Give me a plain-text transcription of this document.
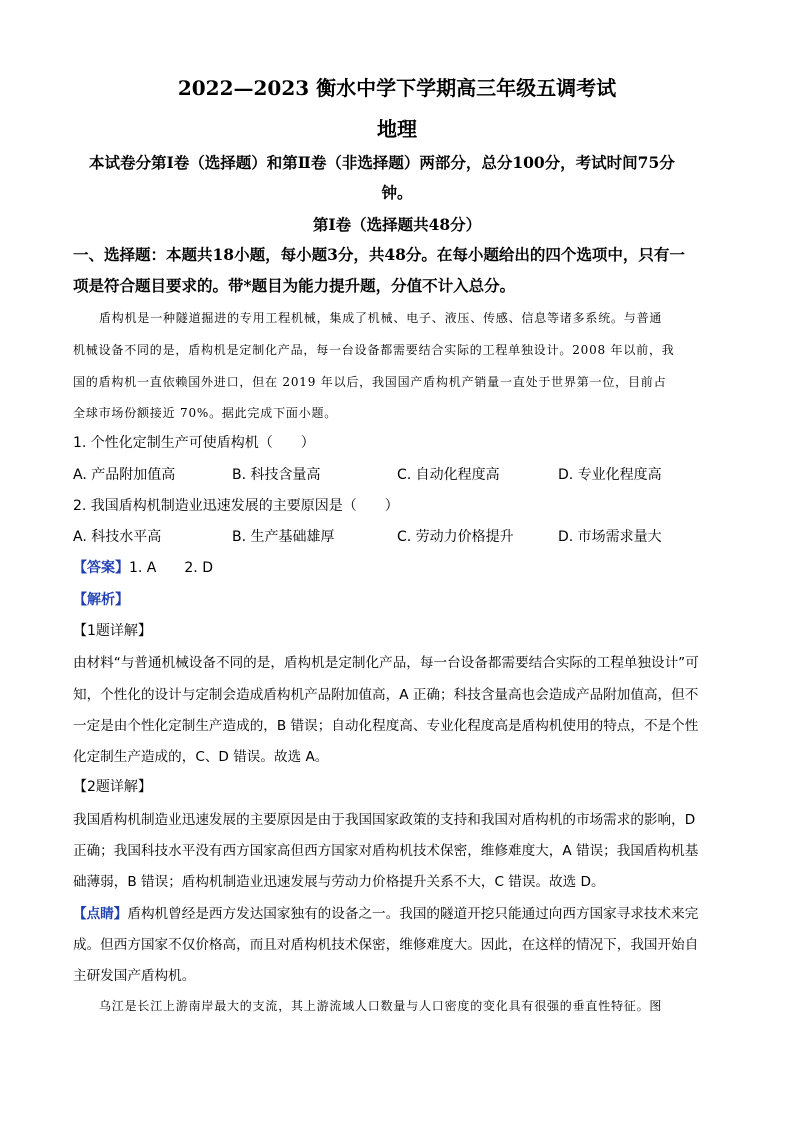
2022—2023 衡水中学下学期高三年级五调考试
地理
本试卷分第Ⅰ卷（选择题）和第Ⅱ卷（非选择题）两部分，总分100分，考试时间75分
钟。
第Ⅰ卷（选择题共48分）
一、选择题：本题共18小题，每小题3分，共48分。在每小题给出的四个选项中，只有一
项是符合题目要求的。带*题目为能力提升题，分值不计入总分。
盾构机是一种隧道掘进的专用工程机械，集成了机械、电子、液压、传感、信息等诸多系统。与普通
机械设备不同的是，盾构机是定制化产品，每一台设备都需要结合实际的工程单独设计。2008 年以前，我
国的盾构机一直依赖国外进口，但在 2019 年以后，我国国产盾构机产销量一直处于世界第一位，目前占
全球市场份额接近 70%。据此完成下面小题。
1. 个性化定制生产可使盾构机（　　）
A. 产品附加值高	B. 科技含量高	C. 自动化程度高	D. 专业化程度高
2. 我国盾构机制造业迅速发展的主要原因是（　　）
A. 科技水平高	B. 生产基础雄厚	C. 劳动力价格提升	D. 市场需求量大
【答案】1. A　　2. D
【解析】
【1题详解】
由材料“与普通机械设备不同的是，盾构机是定制化产品，每一台设备都需要结合实际的工程单独设计”可
知，个性化的设计与定制会造成盾构机产品附加值高，A 正确；科技含量高也会造成产品附加值高，但不
一定是由个性化定制生产造成的，B 错误；自动化程度高、专业化程度高是盾构机使用的特点，不是个性
化定制生产造成的，C、D 错误。故选 A。
【2题详解】
我国盾构机制造业迅速发展的主要原因是由于我国国家政策的支持和我国对盾构机的市场需求的影响，D
正确；我国科技水平没有西方国家高但西方国家对盾构机技术保密，维修难度大，A 错误；我国盾构机基
础薄弱，B 错误；盾构机制造业迅速发展与劳动力价格提升关系不大，C 错误。故选 D。
【点睛】盾构机曾经是西方发达国家独有的设备之一。我国的隧道开挖只能通过向西方国家寻求技术来完
成。但西方国家不仅价格高，而且对盾构机技术保密，维修难度大。因此，在这样的情况下，我国开始自
主研发国产盾构机。
乌江是长江上游南岸最大的支流，其上游流域人口数量与人口密度的变化具有很强的垂直性特征。图
